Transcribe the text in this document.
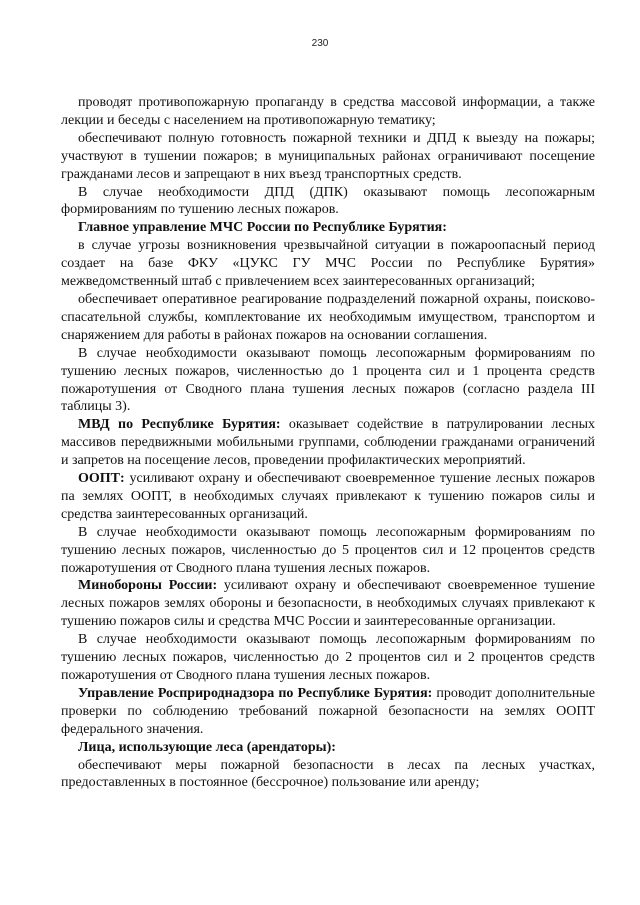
230

проводят противопожарную пропаганду в средства массовой информации, а также лекции и беседы с населением на противопожарную тематику;

обеспечивают полную готовность пожарной техники и ДПД к выезду на пожары; участвуют в тушении пожаров; в муниципальных районах ограничивают посещение гражданами лесов и запрещают в них въезд транспортных средств.

В случае необходимости ДПД (ДПК) оказывают помощь лесопожарным формированиям по тушению лесных пожаров.

Главное управление МЧС России по Республике Бурятия:

в случае угрозы возникновения чрезвычайной ситуации в пожароопасный период создает на базе ФКУ «ЦУКС ГУ МЧС России по Республике Бурятия» межведомственный штаб с привлечением всех заинтересованных организаций;

обеспечивает оперативное реагирование подразделений пожарной охраны, поисково-спасательной службы, комплектование их необходимым имуществом, транспортом и снаряжением для работы в районах пожаров на основании соглашения.

В случае необходимости оказывают помощь лесопожарным формированиям по тушению лесных пожаров, численностью до 1 процента сил и 1 процента средств пожаротушения от Сводного плана тушения лесных пожаров (согласно раздела III таблицы 3).

МВД по Республике Бурятия: оказывает содействие в патрулировании лесных массивов передвижными мобильными группами, соблюдении гражданами ограничений и запретов на посещение лесов, проведении профилактических мероприятий.

ООПТ: усиливают охрану и обеспечивают своевременное тушение лесных пожаров па землях ООПТ, в необходимых случаях привлекают к тушению пожаров силы и средства заинтересованных организаций.

В случае необходимости оказывают помощь лесопожарным формированиям по тушению лесных пожаров, численностью до 5 процентов сил и 12 процентов средств пожаротушения от Сводного плана тушения лесных пожаров.

Минобороны России: усиливают охрану и обеспечивают своевременное тушение лесных пожаров землях обороны и безопасности, в необходимых случаях привлекают к тушению пожаров силы и средства МЧС России и заинтересованные организации.

В случае необходимости оказывают помощь лесопожарным формированиям по тушению лесных пожаров, численностью до 2 процентов сил и 2 процентов средств пожаротушения от Сводного плана тушения лесных пожаров.

Управление Росприроднадзора по Республике Бурятия: проводит дополнительные проверки по соблюдению требований пожарной безопасности на землях ООПТ федерального значения.

Лица, использующие леса (арендаторы):

обеспечивают меры пожарной безопасности в лесах па лесных участках, предоставленных в постоянное (бессрочное) пользование или аренду;
